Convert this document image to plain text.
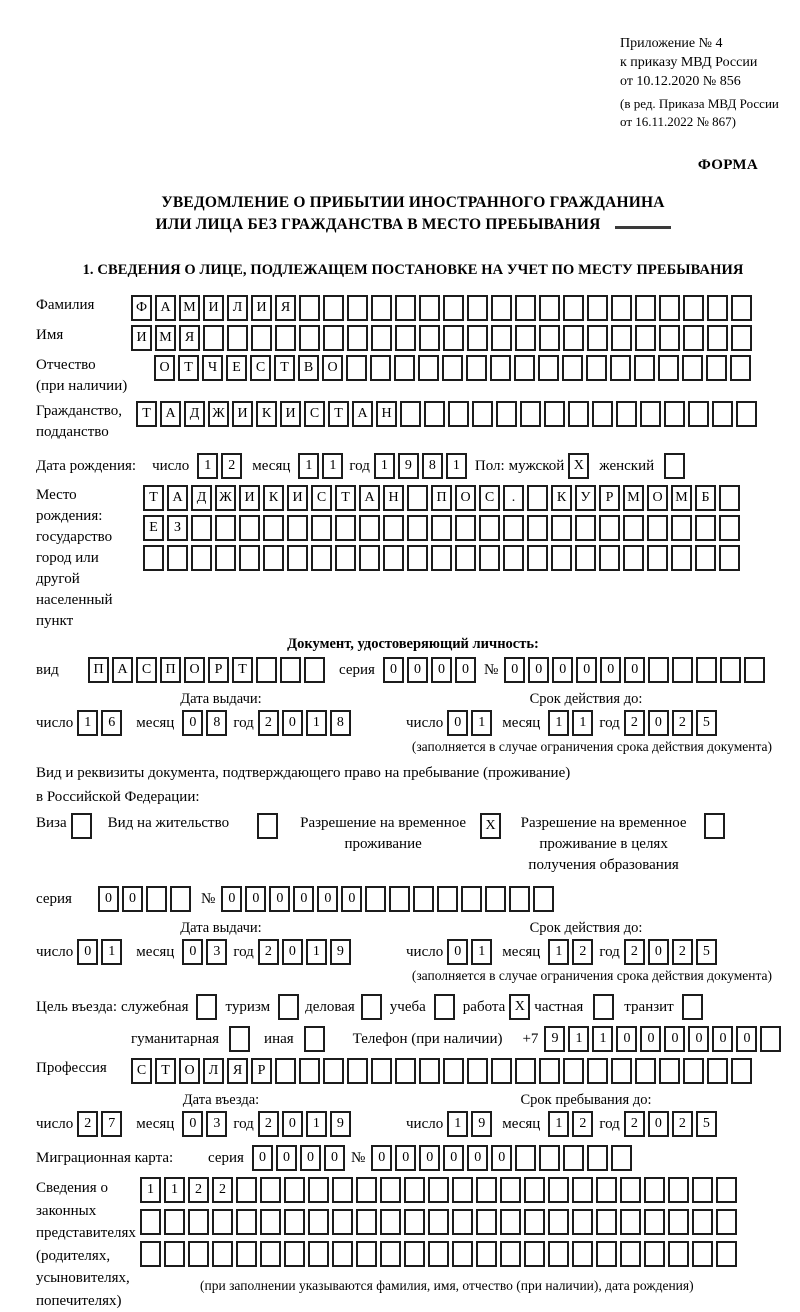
Приложение № 4
к приказу МВД России
от 10.12.2020 № 856
(в ред. Приказа МВД России
от 16.11.2022 № 867)
ФОРМА
УВЕДОМЛЕНИЕ О ПРИБЫТИИ ИНОСТРАННОГО ГРАЖДАНИНА
ИЛИ ЛИЦА БЕЗ ГРАЖДАНСТВА В МЕСТО ПРЕБЫВАНИЯ
1. СВЕДЕНИЯ О ЛИЦЕ, ПОДЛЕЖАЩЕМ ПОСТАНОВКЕ НА УЧЕТ ПО МЕСТУ ПРЕБЫВАНИЯ
Фамилия	Ф А М И	Л	И	Я
Имя	И М Я
Отчество
(при наличии)
О	Т	Ч	Е	С	Т	В	О
Гражданство,
подданство
Т	А	Д Ж И	К	И	С	Т	А Н
Дата рождения: число	1	2	месяц	1	1 год 1	9	8	1	Пол: мужской X	женский
Место рождения:
государство
город или другой
населенный пункт
Т	А	Д Ж И	К	И	С	Т	А Н	П О	С	.	К	У	Р М О М Б

Е	З

Документ, удостоверяющий личность:
вид	П А	С	П О	Р	Т	серия	0	0	0	0	№ 0	0	0	0	0	0
Дата выдачи:	Срок действия до:
число 1	6	месяц	0	8 год 2	0	1	8	число 0	1	месяц	1	1 год 2	0	2	5
(заполняется в случае ограничения срока действия документа)
Вид и реквизиты документа, подтверждающего право на пребывание (проживание)
в Российской Федерации:
Виза	Вид на жительство	Разрешение на временное проживание
X	Разрешение на временное проживание в целях получения образования
серия	0	0	№ 0	0	0	0	0	0
Дата выдачи:	Срок действия до:
число 0	1	месяц	0	3 год 2	0	1	9	число 0	1	месяц	1	2 год 2	0	2	5
(заполняется в случае ограничения срока действия документа)
Цель въезда: служебная туризм деловая учеба работа X частная	транзит
гуманитарная	иная	Телефон (при наличии) +7 9	1	1	0	0	0	0	0	0
Профессия	С	Т	О	Л	Я	Р
Дата въезда:	Срок пребывания до:
число 2	7	месяц	0	3 год 2	0	1	9	число 1	9	месяц	1	2 год 2	0	2	5
Миграционная карта:	серия	0	0	0	0 № 0	0	0	0	0	0
Сведения о
законных
представителях
(родителях,
усыновителях,
попечителях)
1	1	2	2

(при заполнении указываются фамилия, имя, отчество (при наличии), дата рождения)
